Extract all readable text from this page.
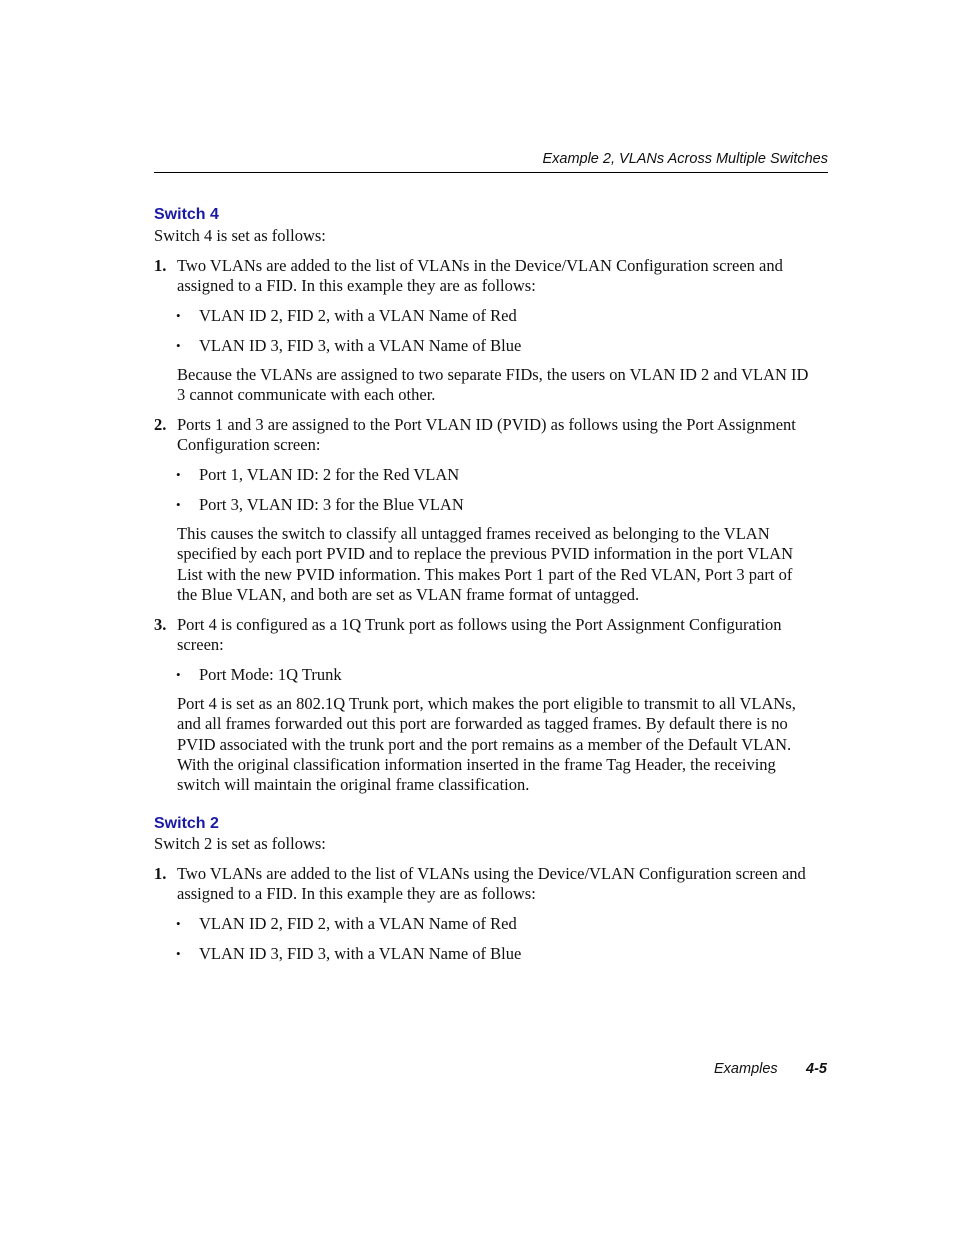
Example 2, VLANs Across Multiple Switches
Switch 4
Switch 4 is set as follows:
1. Two VLANs are added to the list of VLANs in the Device/VLAN Configuration screen and
assigned to a FID. In this example they are as follows:
• VLAN ID 2, FID 2, with a VLAN Name of Red
• VLAN ID 3, FID 3, with a VLAN Name of Blue
Because the VLANs are assigned to two separate FIDs, the users on VLAN ID 2 and VLAN ID
3 cannot communicate with each other.
2. Ports 1 and 3 are assigned to the Port VLAN ID (PVID) as follows using the Port Assignment
Configuration screen:
• Port 1, VLAN ID: 2 for the Red VLAN
• Port 3, VLAN ID: 3 for the Blue VLAN
This causes the switch to classify all untagged frames received as belonging to the VLAN
specified by each port PVID and to replace the previous PVID information in the port VLAN
List with the new PVID information. This makes Port 1 part of the Red VLAN, Port 3 part of
the Blue VLAN, and both are set as VLAN frame format of untagged.
3. Port 4 is configured as a 1Q Trunk port as follows using the Port Assignment Configuration
screen:
• Port Mode: 1Q Trunk
Port 4 is set as an 802.1Q Trunk port, which makes the port eligible to transmit to all VLANs,
and all frames forwarded out this port are forwarded as tagged frames. By default there is no
PVID associated with the trunk port and the port remains as a member of the Default VLAN.
With the original classification information inserted in the frame Tag Header, the receiving
switch will maintain the original frame classification.
Switch 2
Switch 2 is set as follows:
1. Two VLANs are added to the list of VLANs using the Device/VLAN Configuration screen and
assigned to a FID. In this example they are as follows:
• VLAN ID 2, FID 2, with a VLAN Name of Red
• VLAN ID 3, FID 3, with a VLAN Name of Blue
Examples 4-5
